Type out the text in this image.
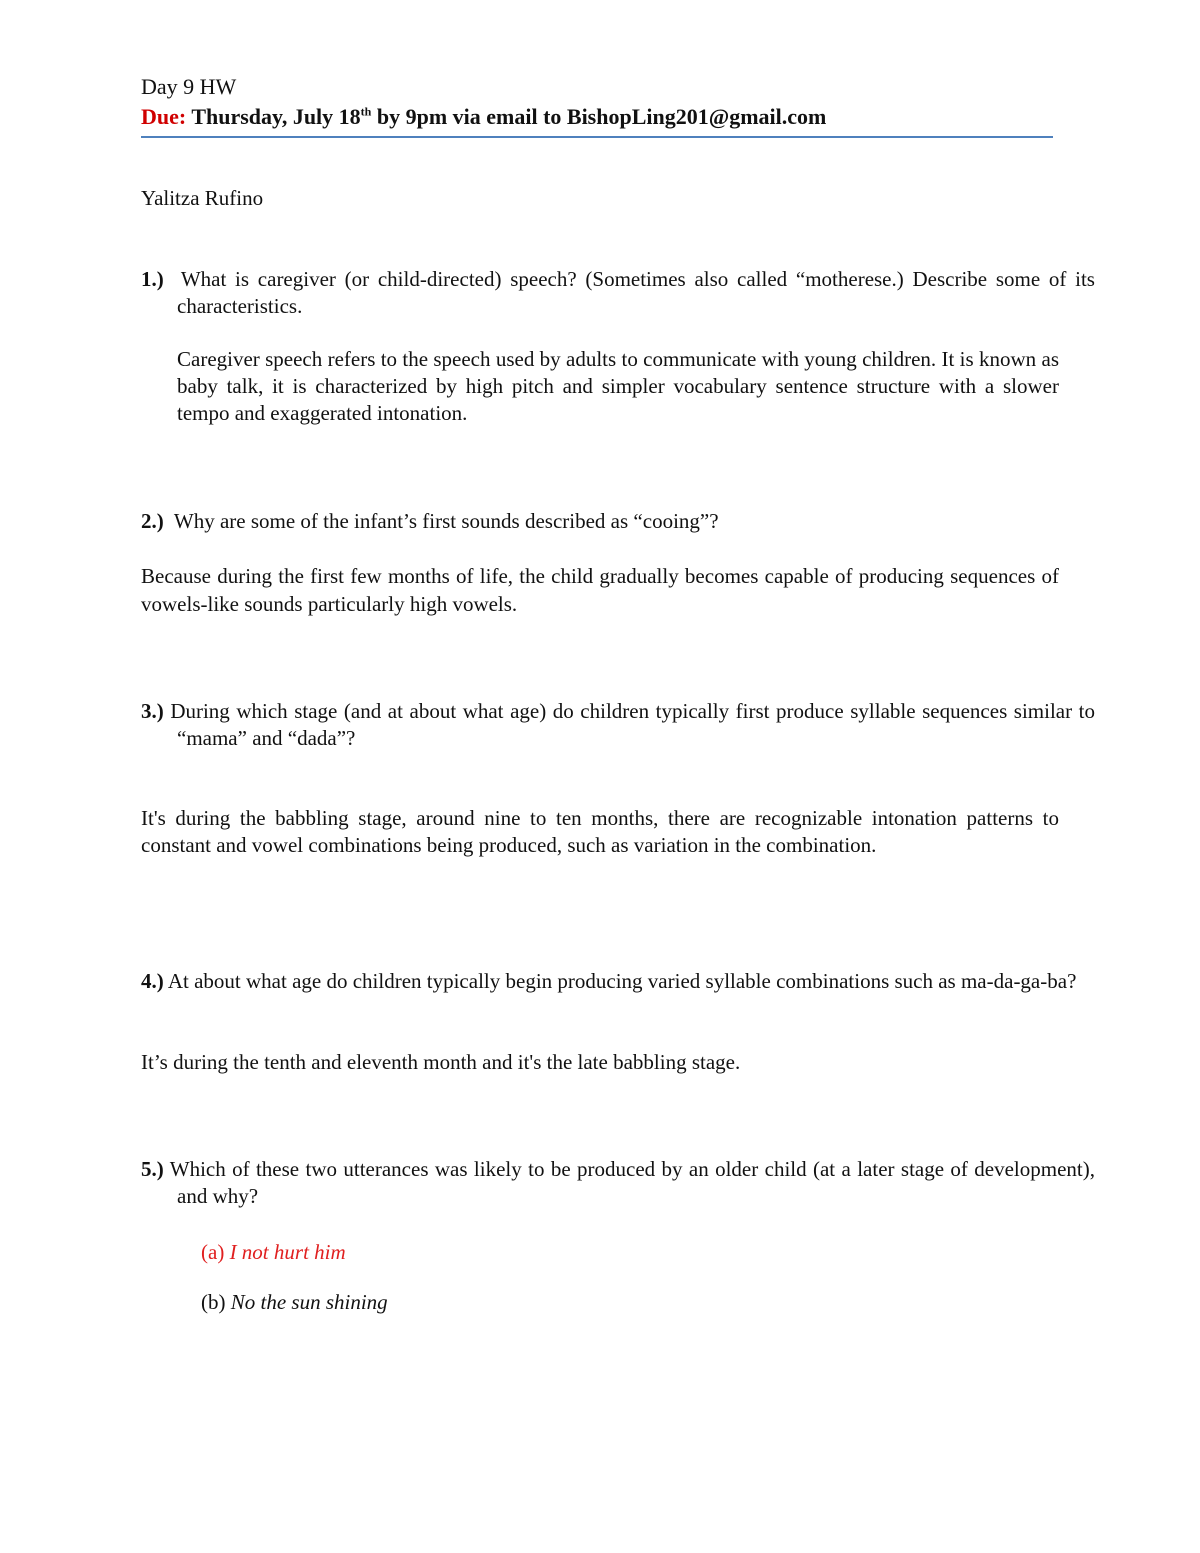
Day 9 HW
Due: Thursday, July 18th by 9pm via email to BishopLing201@gmail.com
Yalitza Rufino
1.) What is caregiver (or child-directed) speech? (Sometimes also called “motherese.) Describe some of its characteristics.
Caregiver speech refers to the speech used by adults to communicate with young children. It is known as baby talk, it is characterized by high pitch and simpler vocabulary sentence structure with a slower tempo and exaggerated intonation.
2.) Why are some of the infant’s first sounds described as “cooing”?
Because during the first few months of life, the child gradually becomes capable of producing sequences of vowels-like sounds particularly high vowels.
3.) During which stage (and at about what age) do children typically first produce syllable sequences similar to “mama” and “dada”?
It's during the babbling stage, around nine to ten months, there are recognizable intonation patterns to constant and vowel combinations being produced, such as variation in the combination.
4.) At about what age do children typically begin producing varied syllable combinations such as ma-da-ga-ba?
It’s during the tenth and eleventh month and it's the late babbling stage.
5.) Which of these two utterances was likely to be produced by an older child (at a later stage of development), and why?
(a) I not hurt him
(b) No the sun shining
